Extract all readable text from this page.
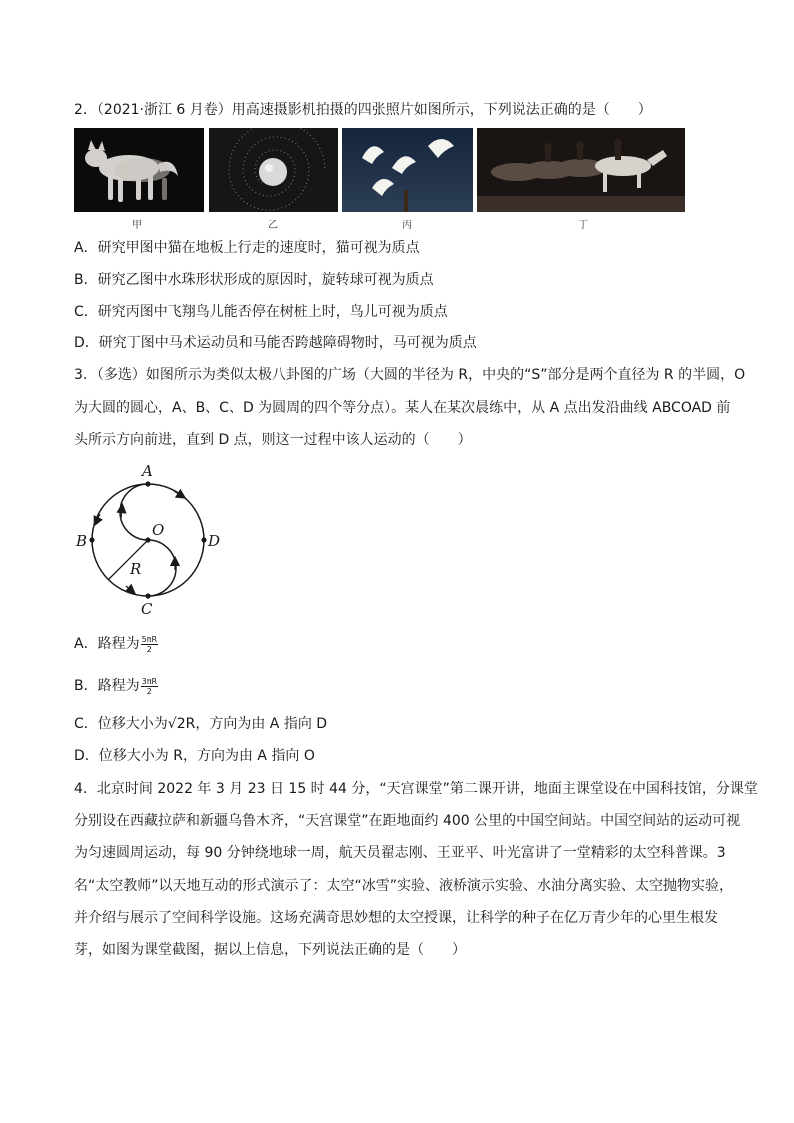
2．（2021·浙江 6 月卷）用高速摄影机拍摄的四张照片如图所示，下列说法正确的是（　　）
甲	乙	丙	丁
A．研究甲图中猫在地板上行走的速度时，猫可视为质点
B．研究乙图中水珠形状形成的原因时，旋转球可视为质点
C．研究丙图中飞翔鸟儿能否停在树桩上时，鸟儿可视为质点
D．研究丁图中马术运动员和马能否跨越障碍物时，马可视为质点
3．（多选）如图所示为类似太极八卦图的广场（大圆的半径为 R，中央的“S”部分是两个直径为 R 的半圆，O
为大圆的圆心，A、B、C、D 为圆周的四个等分点）。某人在某次晨练中，从 A 点出发沿曲线 ABCOAD 前
头所示方向前进，直到 D 点，则这一过程中该人运动的（　　）
A
B	D
C
O
R
A．路程为 $\frac{5\pi R}{2}$
B．路程为 $\frac{3\pi R}{2}$
C．位移大小为√2R，方向为由 A 指向 D
D．位移大小为 R，方向为由 A 指向 O
4．北京时间 2022 年 3 月 23 日 15 时 44 分，“天宫课堂”第二课开讲，地面主课堂设在中国科技馆，分课堂
分别设在西藏拉萨和新疆乌鲁木齐，“天宫课堂”在距地面约 400 公里的中国空间站。中国空间站的运动可视
为匀速圆周运动，每 90 分钟绕地球一周，航天员翟志刚、王亚平、叶光富讲了一堂精彩的太空科普课。3
名“太空教师”以天地互动的形式演示了：太空“冰雪”实验、液桥演示实验、水油分离实验、太空抛物实验，
并介绍与展示了空间科学设施。这场充满奇思妙想的太空授课，让科学的种子在亿万青少年的心里生根发
芽，如图为课堂截图，据以上信息，下列说法正确的是（　　）
